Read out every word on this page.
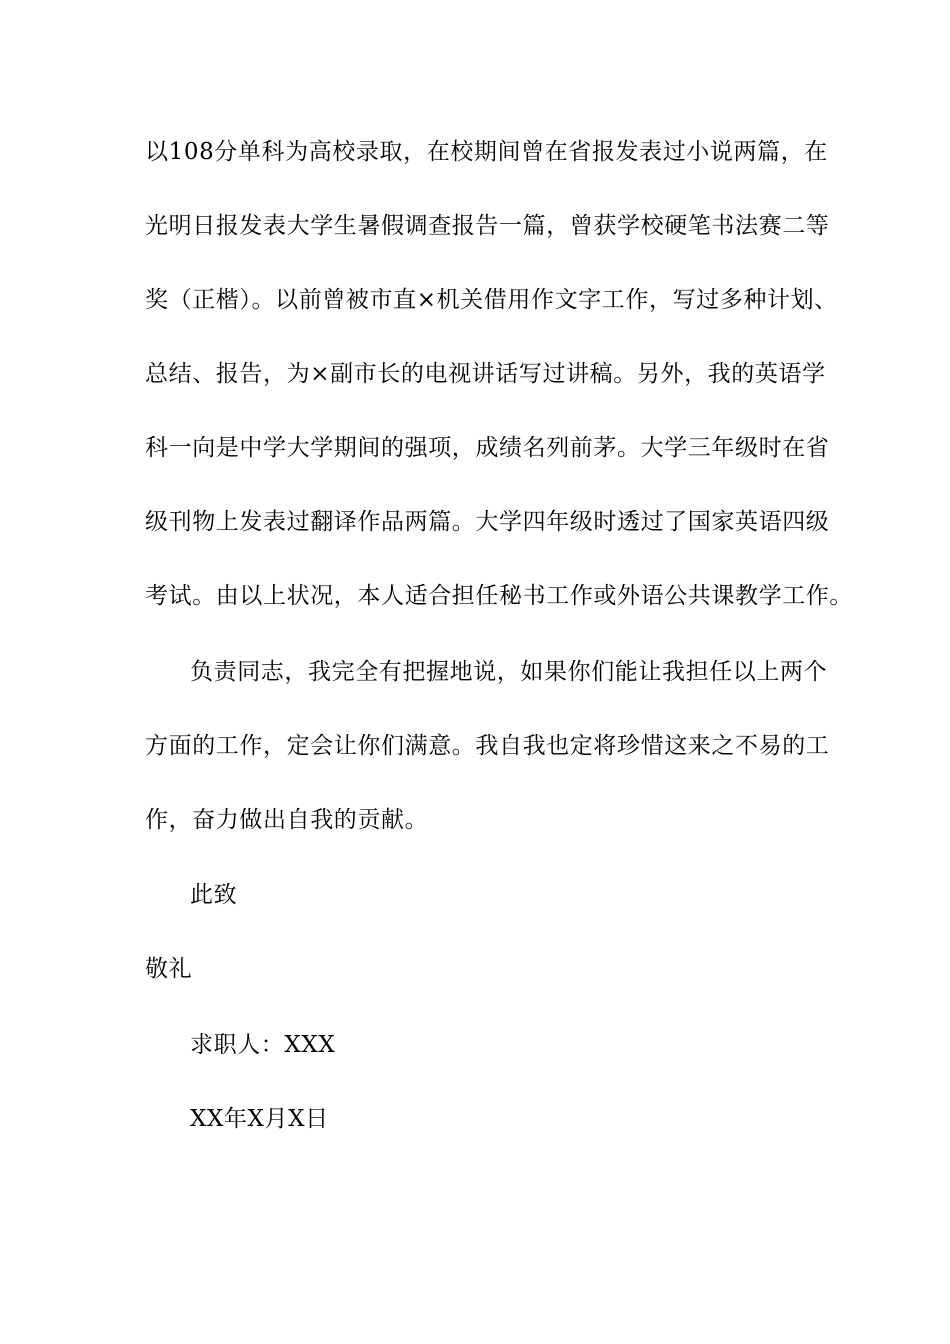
以108分单科为高校录取，在校期间曾在省报发表过小说两篇，在
光明日报发表大学生暑假调查报告一篇，曾获学校硬笔书法赛二等
奖（正楷）。以前曾被市直×机关借用作文字工作，写过多种计划、
总结、报告，为×副市长的电视讲话写过讲稿。另外，我的英语学
科一向是中学大学期间的强项，成绩名列前茅。大学三年级时在省
级刊物上发表过翻译作品两篇。大学四年级时透过了国家英语四级
考试。由以上状况，本人适合担任秘书工作或外语公共课教学工作。
负责同志，我完全有把握地说，如果你们能让我担任以上两个
方面的工作，定会让你们满意。我自我也定将珍惜这来之不易的工
作，奋力做出自我的贡献。
此致
敬礼
求职人：XXX
XX年X月X日
